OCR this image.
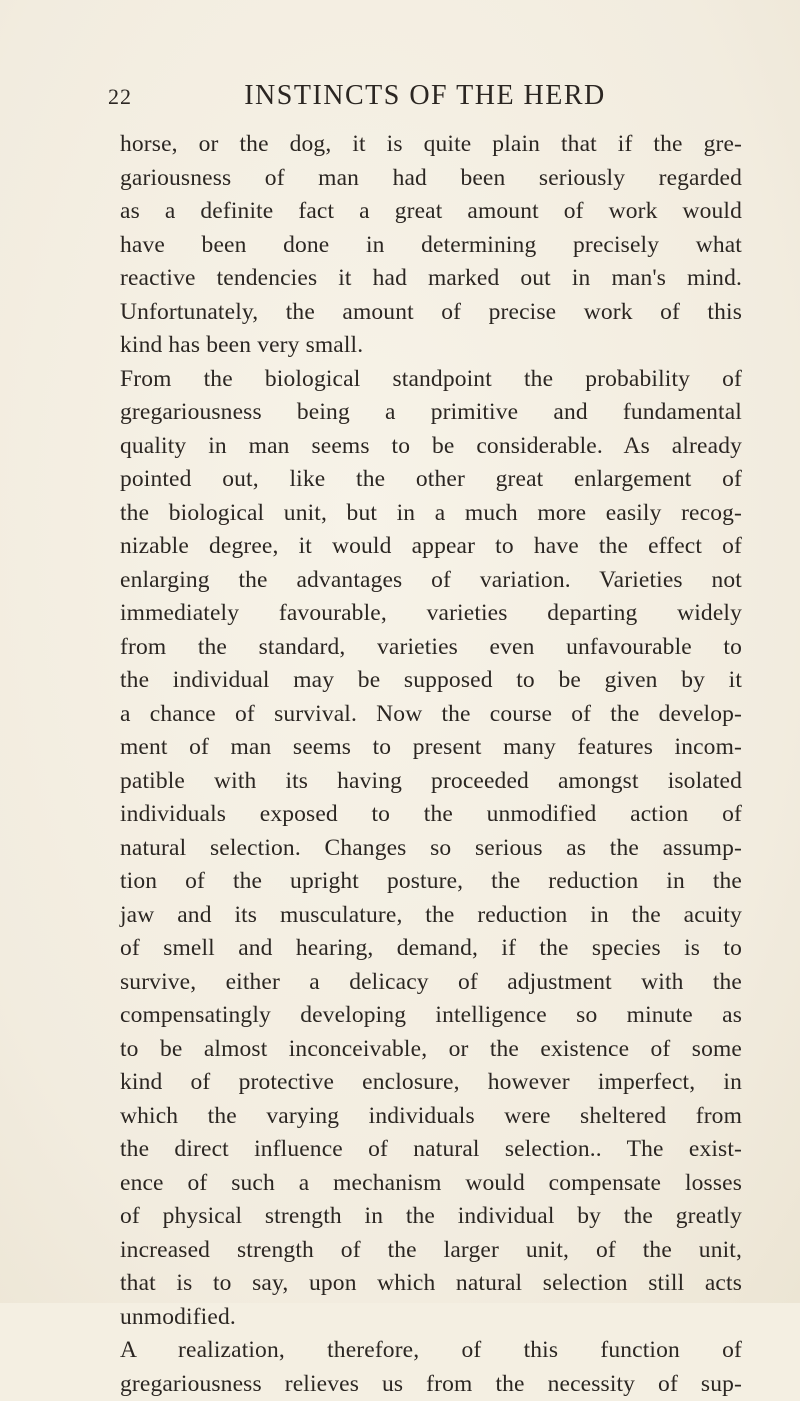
22	INSTINCTS OF THE HERD
horse, or the dog, it is quite plain that if the gre-
gariousness of man had been seriously regarded
as a definite fact a great amount of work would
have been done in determining precisely what
reactive tendencies it had marked out in man's mind.
Unfortunately, the amount of precise work of this
kind has been very small.
From the biological standpoint the probability of
gregariousness being a primitive and fundamental
quality in man seems to be considerable. As already
pointed out, like the other great enlargement of
the biological unit, but in a much more easily recog-
nizable degree, it would appear to have the effect of
enlarging the advantages of variation. Varieties not
immediately favourable, varieties departing widely
from the standard, varieties even unfavourable to
the individual may be supposed to be given by it
a chance of survival. Now the course of the develop-
ment of man seems to present many features incom-
patible with its having proceeded amongst isolated
individuals exposed to the unmodified action of
natural selection. Changes so serious as the assump-
tion of the upright posture, the reduction in the
jaw and its musculature, the reduction in the acuity
of smell and hearing, demand, if the species is to
survive, either a delicacy of adjustment with the
compensatingly developing intelligence so minute as
to be almost inconceivable, or the existence of some
kind of protective enclosure, however imperfect, in
which the varying individuals were sheltered from
the direct influence of natural selection.. The exist-
ence of such a mechanism would compensate losses
of physical strength in the individual by the greatly
increased strength of the larger unit, of the unit,
that is to say, upon which natural selection still acts
unmodified.
A realization, therefore, of this function of
gregariousness relieves us from the necessity of sup-
